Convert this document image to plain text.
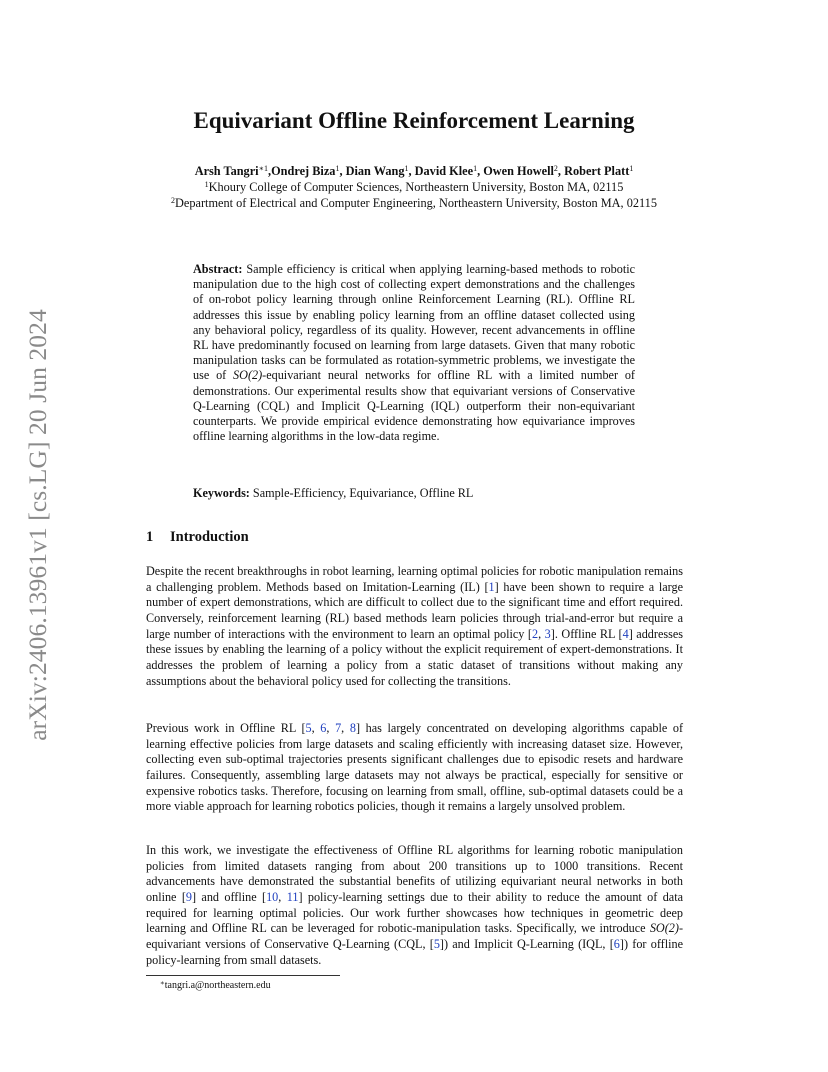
arXiv:2406.13961v1 [cs.LG] 20 Jun 2024
Equivariant Offline Reinforcement Learning
Arsh Tangri$^{∗1}$,Ondrej Biza$^1$, Dian Wang$^1$, David Klee$^1$, Owen Howell$^2$, Robert Platt$^1$
$^1$Khoury College of Computer Sciences, Northeastern University, Boston MA, 02115
$^2$Department of Electrical and Computer Engineering, Northeastern University, Boston MA, 02115

Abstract: Sample efficiency is critical when applying learning-based methods to robotic manipulation due to the high cost of collecting expert demonstrations and the challenges of on-robot policy learning through online Reinforcement Learning (RL). Offline RL addresses this issue by enabling policy learning from an offline dataset collected using any behavioral policy, regardless of its quality. However, recent advancements in offline RL have predominantly focused on learning from large datasets. Given that many robotic manipulation tasks can be formulated as rotation-symmetric problems, we investigate the use of SO(2)-equivariant neural networks for offline RL with a limited number of demonstrations. Our experimental results show that equivariant versions of Conservative Q-Learning (CQL) and Implicit Q-Learning (IQL) outperform their non-equivariant counterparts. We provide empirical evidence demonstrating how equivariance improves offline learning algorithms in the low-data regime.

Keywords: Sample-Efficiency, Equivariance, Offline RL

1 Introduction

Despite the recent breakthroughs in robot learning, learning optimal policies for robotic manipulation remains a challenging problem. Methods based on Imitation-Learning (IL) [1] have been shown to require a large number of expert demonstrations, which are difficult to collect due to the significant time and effort required. Conversely, reinforcement learning (RL) based methods learn policies through trial-and-error but require a large number of interactions with the environment to learn an optimal policy [2, 3]. Offline RL [4] addresses these issues by enabling the learning of a policy without the explicit requirement of expert-demonstrations. It addresses the problem of learning a policy from a static dataset of transitions without making any assumptions about the behavioral policy used for collecting the transitions.

Previous work in Offline RL [5, 6, 7, 8] has largely concentrated on developing algorithms capable of learning effective policies from large datasets and scaling efficiently with increasing dataset size. However, collecting even sub-optimal trajectories presents significant challenges due to episodic resets and hardware failures. Consequently, assembling large datasets may not always be practical, especially for sensitive or expensive robotics tasks. Therefore, focusing on learning from small, offline, sub-optimal datasets could be a more viable approach for learning robotics policies, though it remains a largely unsolved problem.

In this work, we investigate the effectiveness of Offline RL algorithms for learning robotic manipulation policies from limited datasets ranging from about 200 transitions up to 1000 transitions. Recent advancements have demonstrated the substantial benefits of utilizing equivariant neural networks in both online [9] and offline [10, 11] policy-learning settings due to their ability to reduce the amount of data required for learning optimal policies. Our work further showcases how techniques in geometric deep learning and Offline RL can be leveraged for robotic-manipulation tasks. Specifically, we introduce SO(2)-equivariant versions of Conservative Q-Learning (CQL, [5]) and Implicit Q-Learning (IQL, [6]) for offline policy-learning from small datasets.

∗tangri.a@northeastern.edu
